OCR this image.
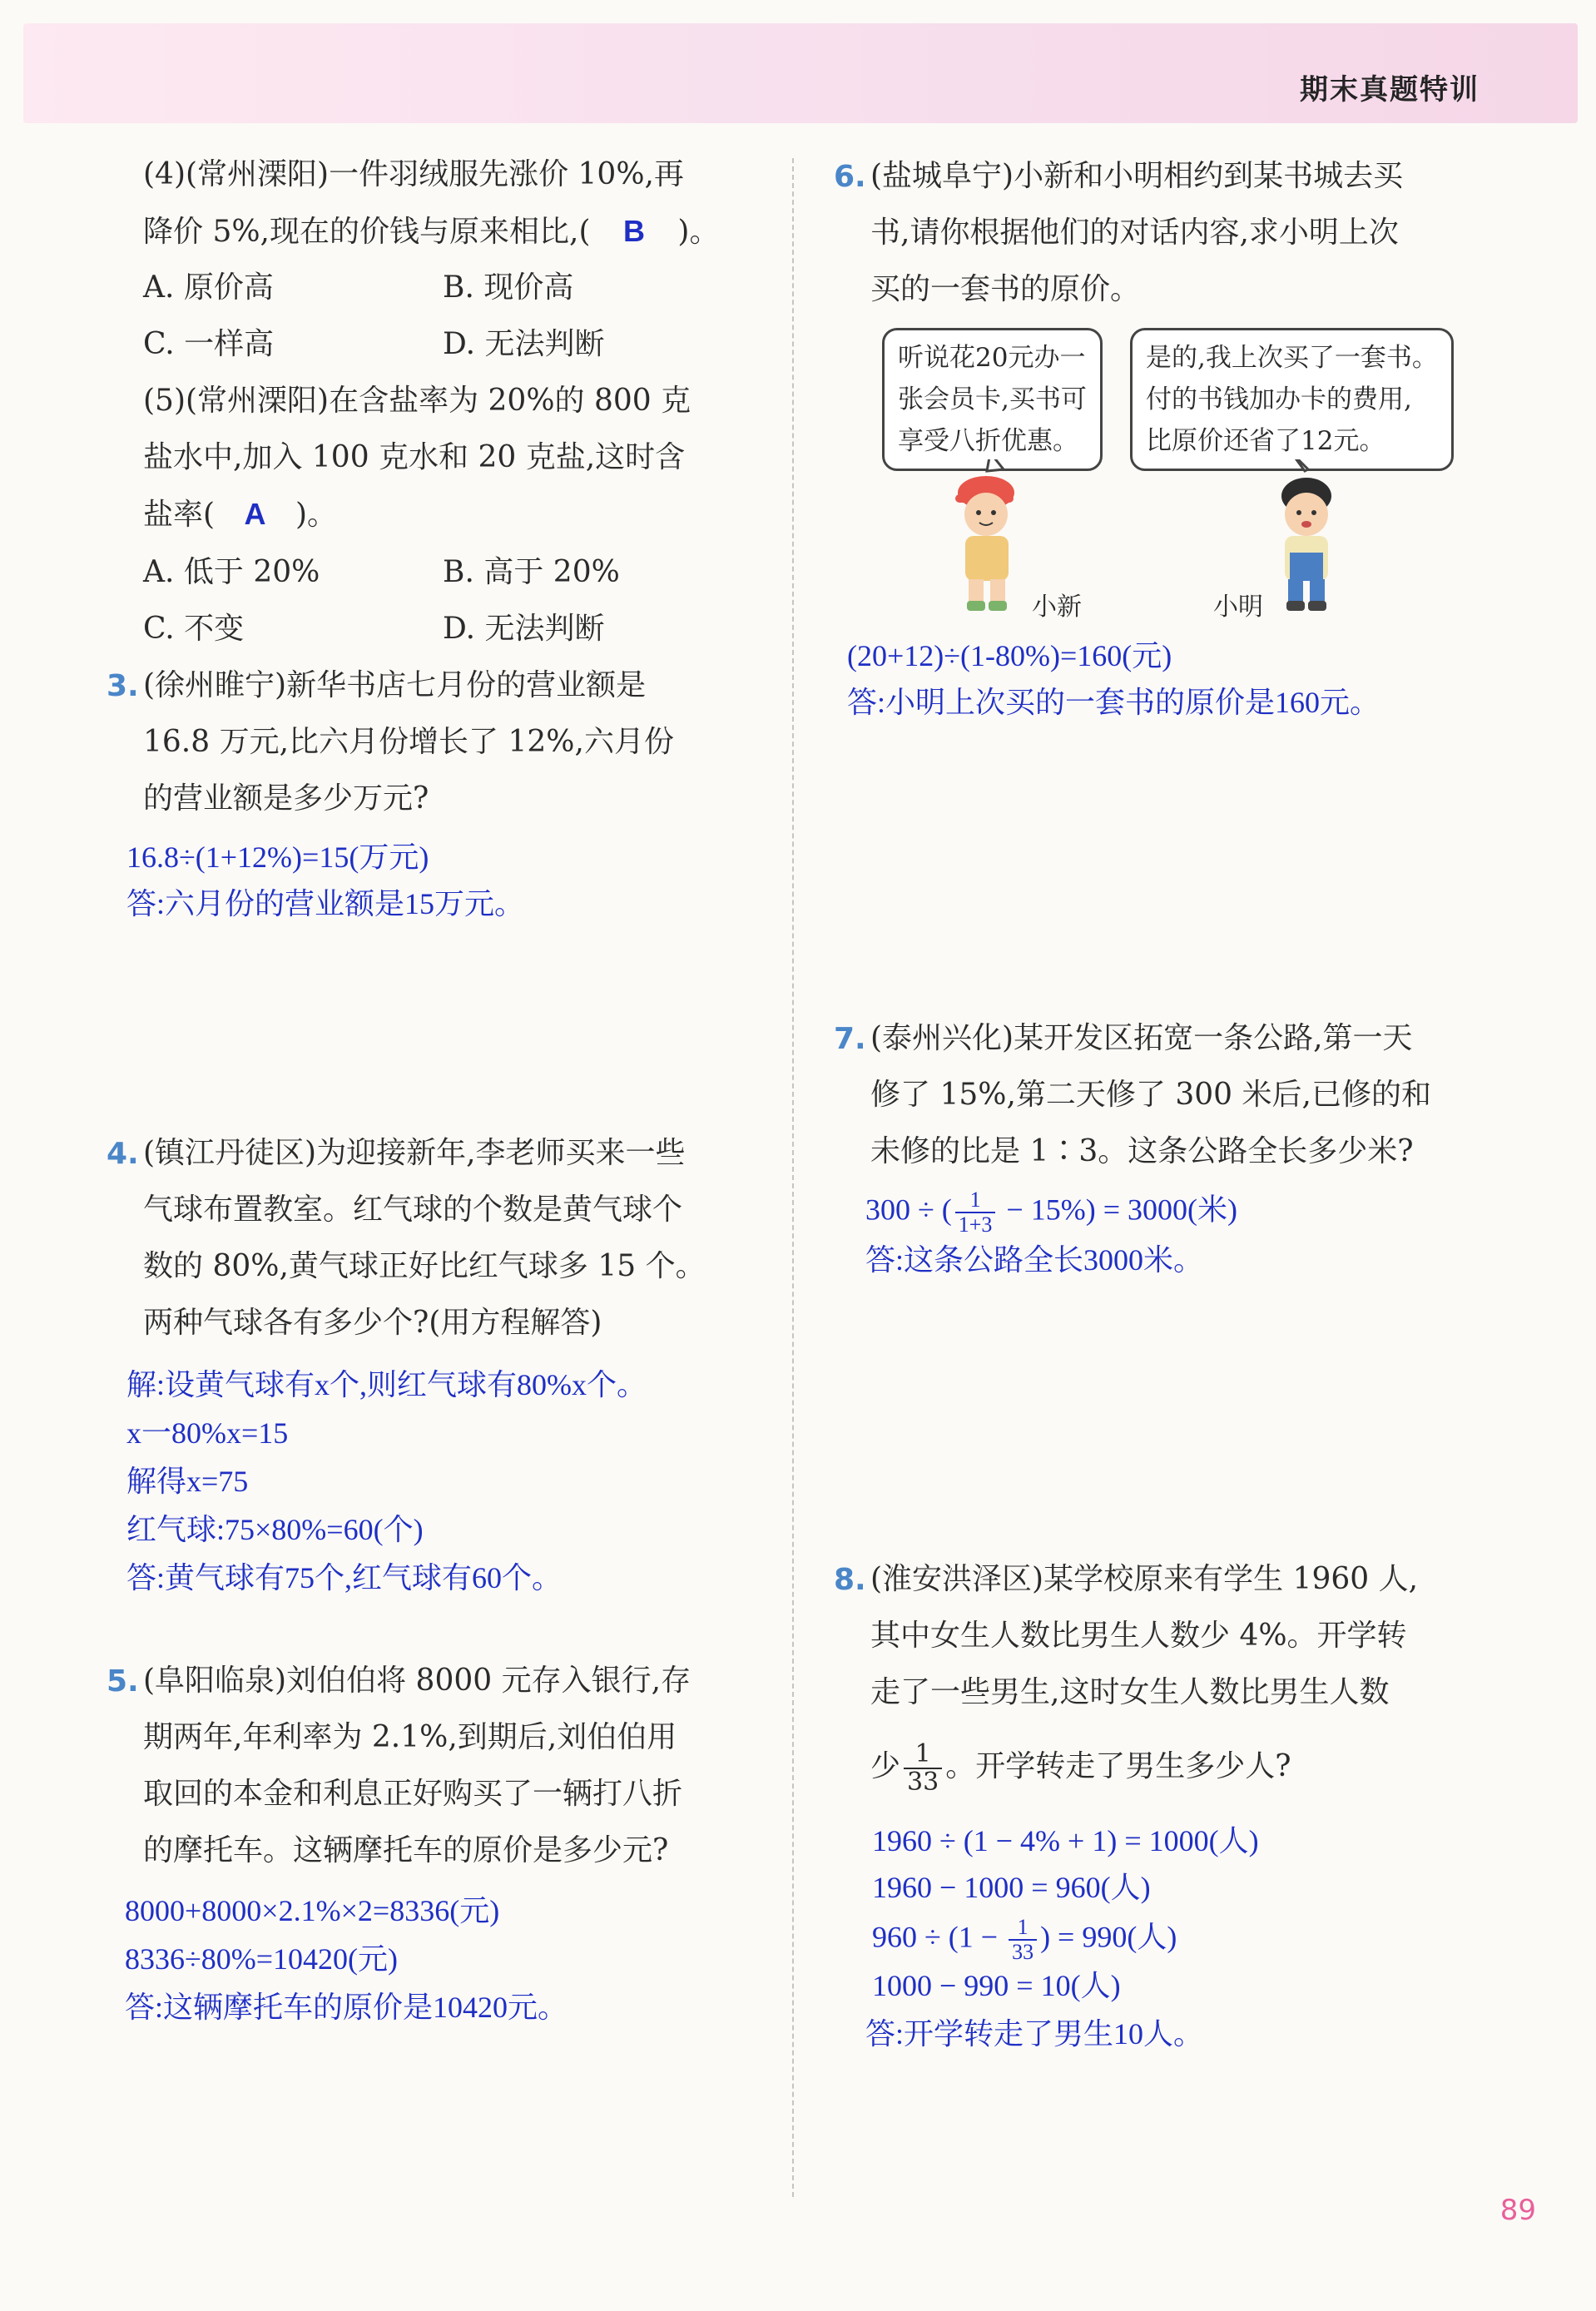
期末真题特训
(4)(常州溧阳)一件羽绒服先涨价 10%,再
降价 5%,现在的价钱与原来相比,( B )。
A. 原价高	B. 现价高
C. 一样高	D. 无法判断
(5)(常州溧阳)在含盐率为 20%的 800 克
盐水中,加入 100 克水和 20 克盐,这时含
盐率( A )。
A. 低于 20%	B. 高于 20%
C. 不变	D. 无法判断
3. (徐州睢宁)新华书店七月份的营业额是
16.8 万元,比六月份增长了 12%,六月份
的营业额是多少万元?
16.8÷(1+12%)=15(万元)
答:六月份的营业额是15万元。
4. (镇江丹徒区)为迎接新年,李老师买来一些
气球布置教室。红气球的个数是黄气球个
数的 80%,黄气球正好比红气球多 15 个。
两种气球各有多少个?(用方程解答)
解:设黄气球有x个,则红气球有80%x个。
x一80%x=15
解得x=75
红气球:75×80%=60(个)
答:黄气球有75个,红气球有60个。
5. (阜阳临泉)刘伯伯将 8000 元存入银行,存
期两年,年利率为 2.1%,到期后,刘伯伯用
取回的本金和利息正好购买了一辆打八折
的摩托车。这辆摩托车的原价是多少元?
8000+8000×2.1%×2=8336(元)
8336÷80%=10420(元)
答:这辆摩托车的原价是10420元。
6. (盐城阜宁)小新和小明相约到某书城去买
书,请你根据他们的对话内容,求小明上次
买的一套书的原价。
听说花20元办一
张会员卡,买书可
享受八折优惠。
是的,我上次买了一套书。
付的书钱加办卡的费用,
比原价还省了12元。
小新	小明
(20+12)÷(1-80%)=160(元)
答:小明上次买的一套书的原价是160元。
7. (泰州兴化)某开发区拓宽一条公路,第一天
修了 15%,第二天修了 300 米后,已修的和
未修的比是 1∶3。这条公路全长多少米?
300 ÷ ( $\frac{1}{1+3} - 15\%) = 3000$(米)
答:这条公路全长3000米。
8. (淮安洪泽区)某学校原来有学生 1960 人,
其中女生人数比男生人数少 4%。开学转
走了一些男生,这时女生人数比男生人数
少 $\frac{1}{33}$ 。开学转走了男生多少人?
1960 ÷ (1 − 4% + 1) = 1000(人)
1960 − 1000 = 960(人)
$960 \div (1 - \frac{1}{33}$ ) = 990(人)
1000 − 990 = 10(人)
答:开学转走了男生10人。
89
